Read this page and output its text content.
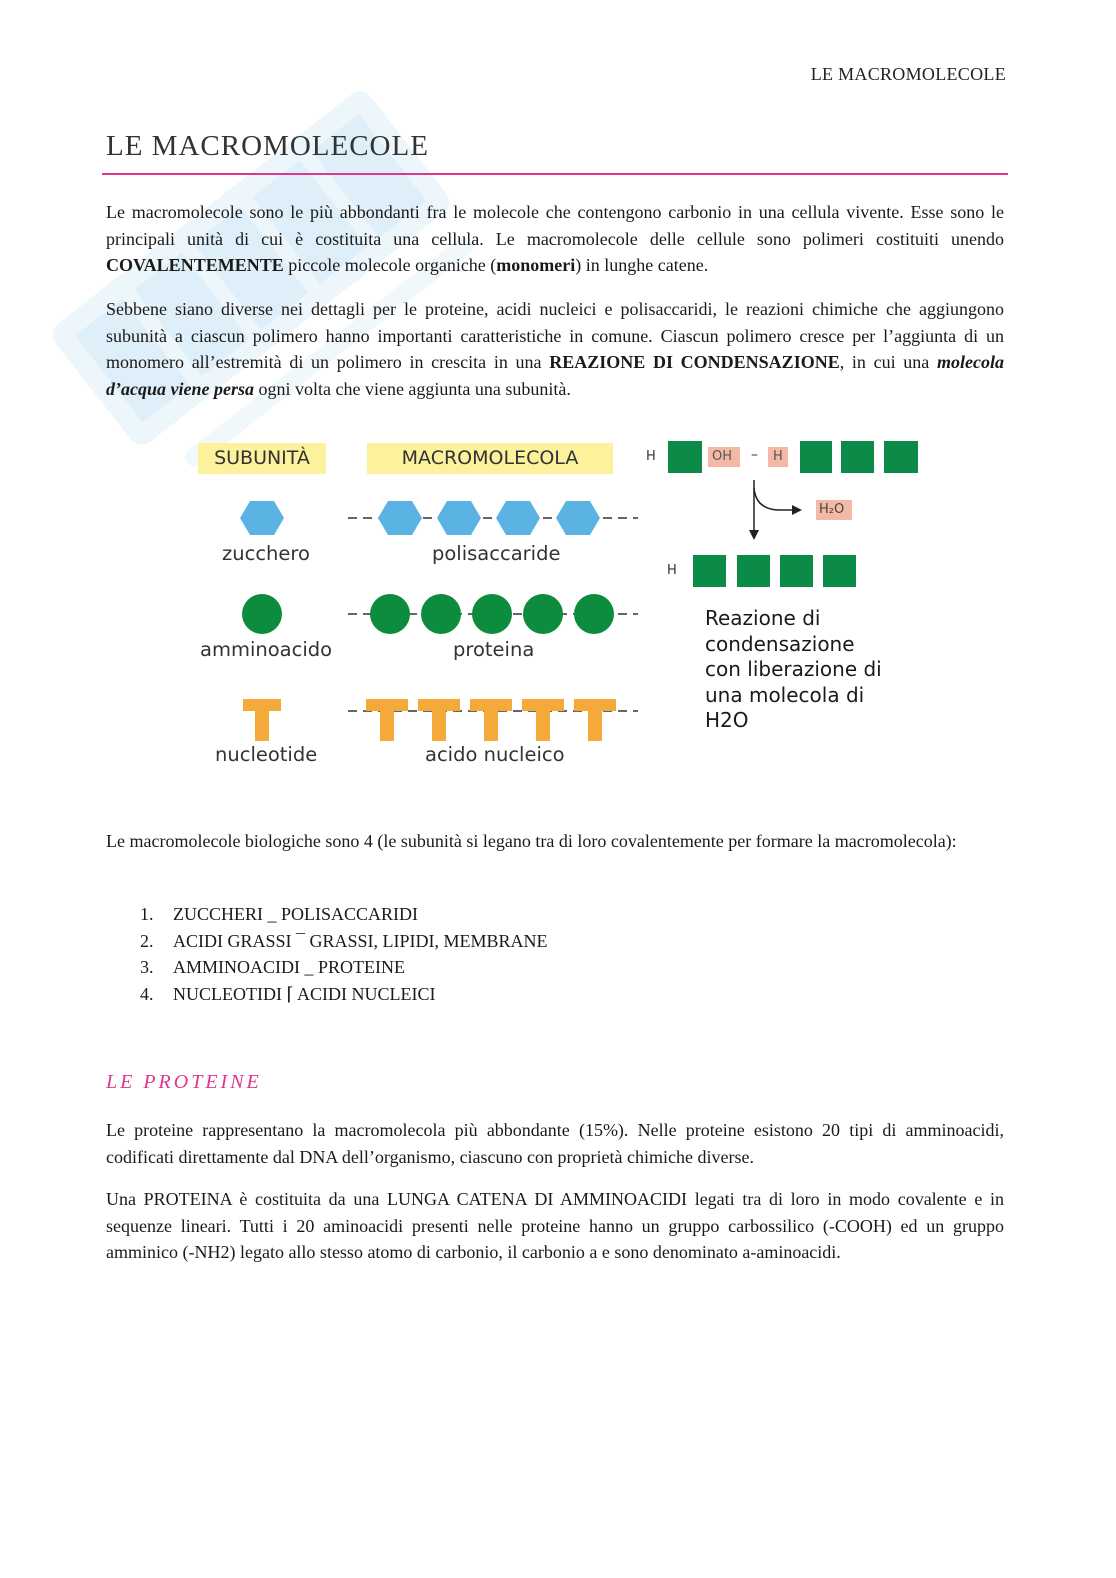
LE MACROMOLECOLE
LE MACROMOLECOLE

Le macromolecole sono le più abbondanti fra le molecole che contengono carbonio in una cellula vivente. Esse sono le principali unità di cui è costituita una cellula. Le macromolecole delle cellule sono polimeri costituiti unendo COVALENTEMENTE piccole molecole organiche (monomeri) in lunghe catene.

Sebbene siano diverse nei dettagli per le proteine, acidi nucleici e polisaccaridi, le reazioni chimiche che aggiungono subunità a ciascun polimero hanno importanti caratteristiche in comune. Ciascun polimero cresce per l’aggiunta di un monomero all’estremità di un polimero in crescita in una REAZIONE DI CONDENSAZIONE, in cui una molecola d’acqua viene persa ogni volta che viene aggiunta una subunità.

SUBUNITÀ	MACROMOLECOLA
zucchero	polisaccaride
amminoacido	proteina
nucleotide	acido nucleico
H	OH – H
H₂O
H

Reazione di condensazione con liberazione di una molecola di H2O

Le macromolecole biologiche sono 4 (le subunità si legano tra di loro covalentemente per formare la macromolecola):

1.	ZUCCHERI _ POLISACCARIDI
2.	ACIDI GRASSI ¯ GRASSI, LIPIDI, MEMBRANE
3.	AMMINOACIDI _ PROTEINE
4.	NUCLEOTIDI ⌈ ACIDI NUCLEICI
LE PROTEINE

Le proteine rappresentano la macromolecola più abbondante (15%). Nelle proteine esistono 20 tipi di amminoacidi, codificati direttamente dal DNA dell’organismo, ciascuno con proprietà chimiche diverse.

Una PROTEINA è costituita da una LUNGA CATENA DI AMMINOACIDI legati tra di loro in modo covalente e in sequenze lineari. Tutti i 20 aminoacidi presenti nelle proteine hanno un gruppo carbossilico (-COOH) ed un gruppo amminico (-NH2) legato allo stesso atomo di carbonio, il carbonio a e sono denominato a-aminoacidi.
